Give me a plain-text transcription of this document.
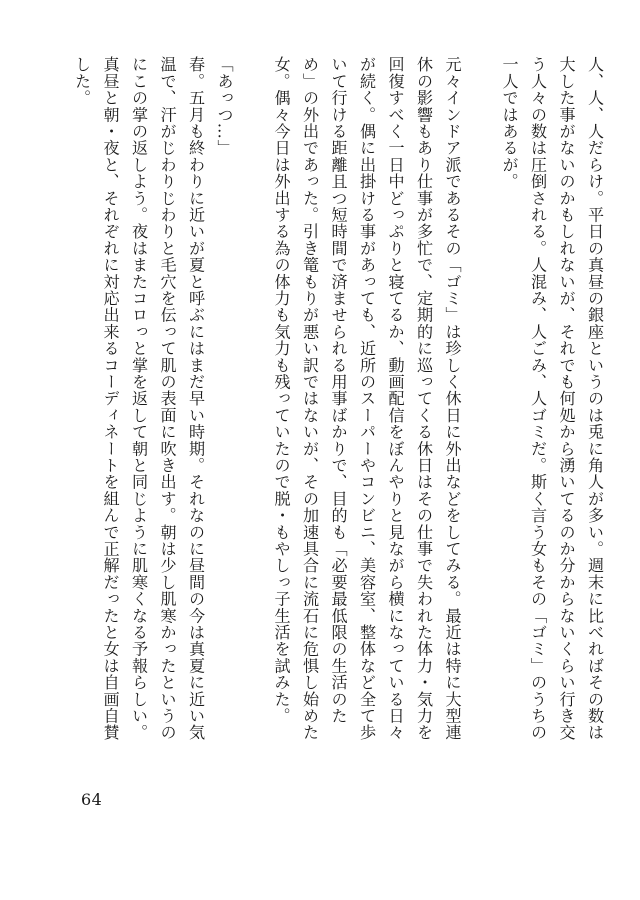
人、人、人だらけ。平日の真昼の銀座というのは兎に角人が多い。週末に比べればその数は大した事がないのかもしれないが、それでも何処から湧いてるのか分からないくらい行き交う人々の数は圧倒される。人混み、人ごみ、人ゴミだ。斯く言う女もその「ゴミ」のうちの一人ではあるが。

元々インドア派であるその「ゴミ」は珍しく休日に外出などをしてみる。最近は特に大型連休の影響もあり仕事が多忙で、定期的に巡ってくる休日はその仕事で失われた体力・気力を回復すべく一日中どっぷりと寝てるか、動画配信をぼんやりと見ながら横になっている日々が続く。偶に出掛ける事があっても、近所のスーパーやコンビニ、美容室、整体など全て歩いて行ける距離且つ短時間で済ませられる用事ばかりで、目的も「必要最低限の生活のため」の外出であった。引き篭もりが悪い訳ではないが、その加速具合に流石に危惧し始めた女。偶々今日は外出する為の体力も気力も残っていたので脱・もやしっ子生活を試みた。

「あっつ…」

春。五月も終わりに近いが夏と呼ぶにはまだ早い時期。それなのに昼間の今は真夏に近い気温で、汗がじわりじわりと毛穴を伝って肌の表面に吹き出す。朝は少し肌寒かったというのにこの掌の返しよう。夜はまたコロっと掌を返して朝と同じように肌寒くなる予報らしい。真昼と朝・夜と、それぞれに対応出来るコーディネートを組んで正解だったと女は自画自賛した。

64
